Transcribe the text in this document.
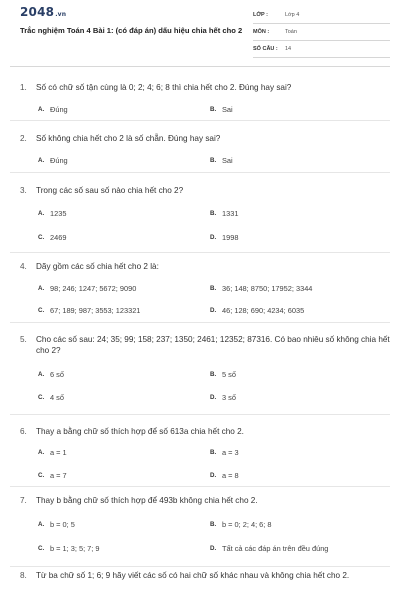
2048.vn
Trắc nghiệm Toán 4 Bài 1: (có đáp án) dấu hiệu chia hết cho 2
LỚP :	Lớp 4
MÔN :	Toán
SỐ CÂU :	14
1.	Số có chữ số tận cùng là 0; 2; 4; 6; 8 thì chia hết cho 2. Đúng hay sai?
A. Đúng	B. Sai
2.	Số không chia hết cho 2 là số chẵn. Đúng hay sai?
A. Đúng	B. Sai
3.	Trong các số sau số nào chia hết cho 2?
A. 1235	B. 1331
C. 2469	D. 1998
4.	Dãy gồm các số chia hết cho 2 là:
A. 98; 246; 1247; 5672; 9090	B. 36; 148; 8750; 17952; 3344
C. 67; 189; 987; 3553; 123321	D. 46; 128; 690; 4234; 6035
5.	Cho các số sau: 24; 35; 99; 158; 237; 1350; 2461; 12352; 87316. Có bao nhiêu số không chia hết cho 2?
A. 6 số	B. 5 số
C. 4 số	D. 3 số
6.	Thay a bằng chữ số thích hợp để số 613a chia hết cho 2.
A. a = 1	B. a = 3
C. a = 7	D. a = 8
7.	Thay b bằng chữ số thích hợp để 493b không chia hết cho 2.
A. b = 0; 5	B. b = 0; 2; 4; 6; 8
C. b = 1; 3; 5; 7; 9	D. Tất cả các đáp án trên đều đúng
8.	Từ ba chữ số 1; 6; 9 hãy viết các số có hai chữ số khác nhau và không chia hết cho 2.
